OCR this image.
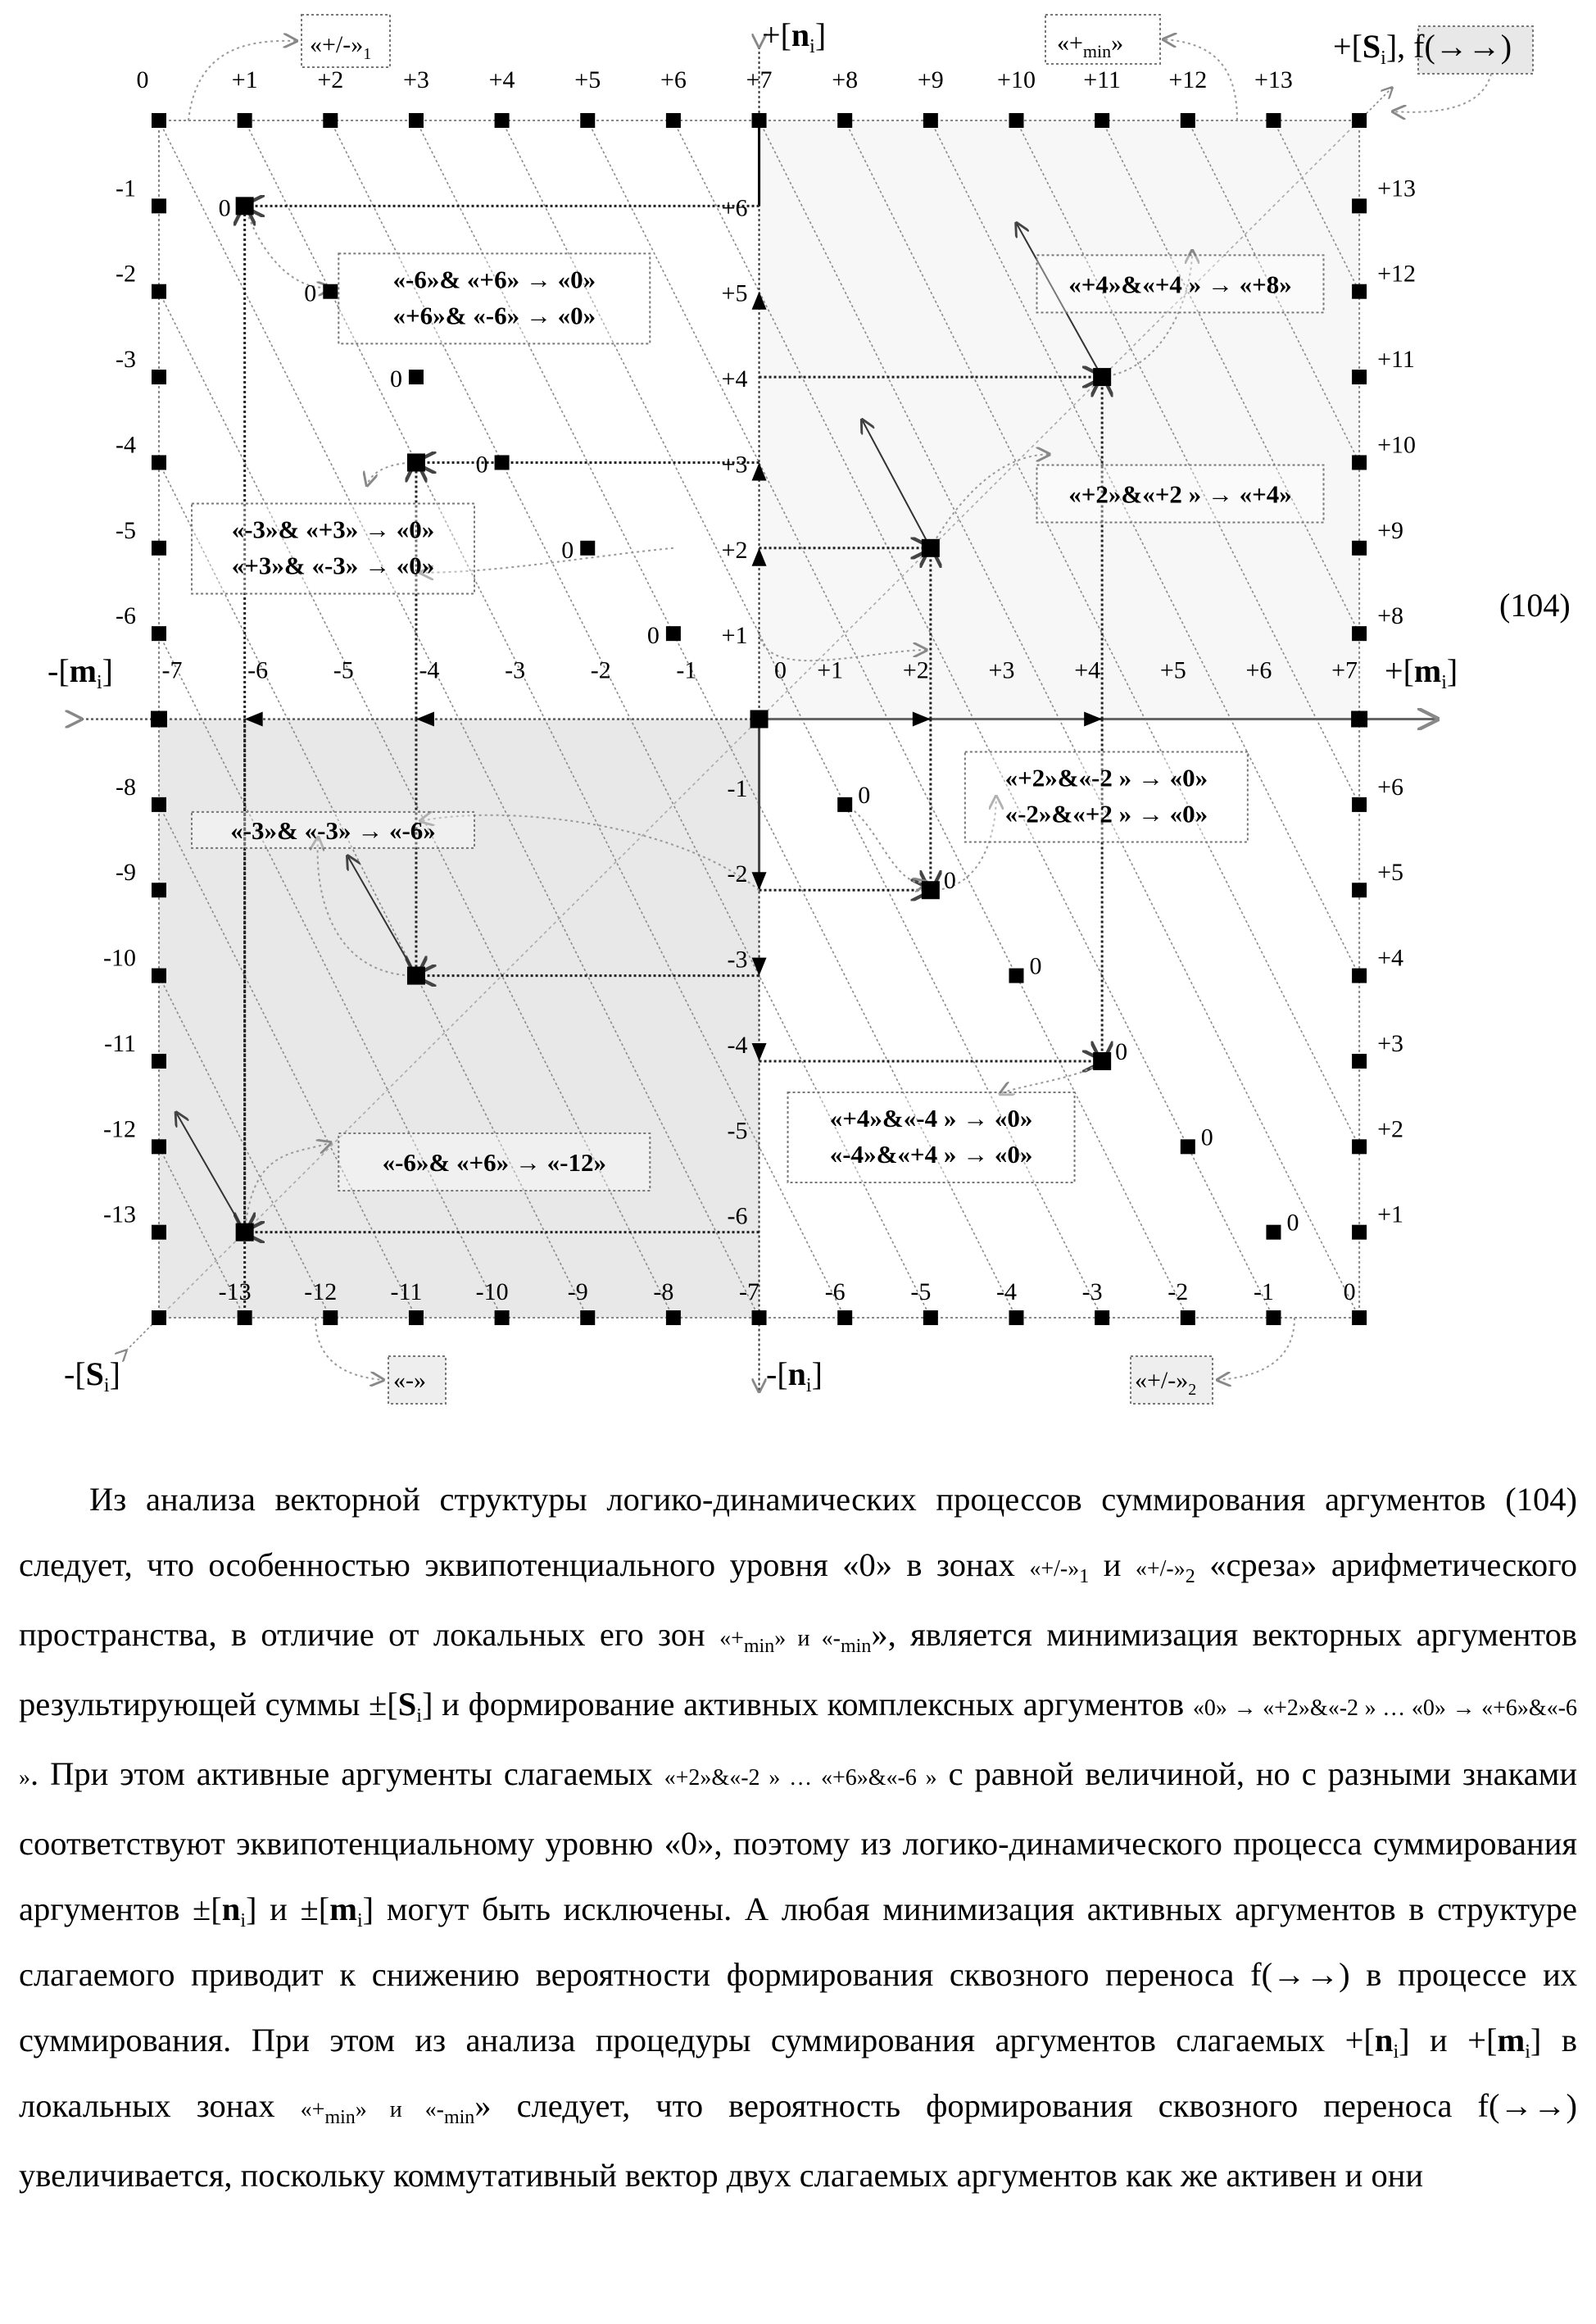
0
0
0
0
0
0
0
0
0
0
0
0
«-6»& «+6» → «0»
«+6»& «-6» → «0»
«-3»& «+3» → «0»
«+3»& «-3» → «0»
«+4»&«+4 » → «+8»
«+2»&«+2 » → «+4»
«+2»&«-2 » → «0»
«-2»&«+2 » → «0»
«-3»& «-3» → «-6»
«+4»&«-4 » → «0»
«-4»&«+4 » → «0»
«-6»& «+6» → «-12»
0	+1 +2 +3 +4 +5 +6 +7 +8 +9 +10 +11 +12 +13
-13 -12 -11 -10 -9	-8	-7	-6	-5	-4	-3	-2	-1	0
-1
-2
-3
-4
-5
-6
-8
-9
-10
-11
-12
-13
+13
+12
+11
+10
+9
+8
+6
+5
+4
+3
+2
+1
-7	-6	-5	-4	-3	-2	-1	0 +1 +2 +3 +4 +5 +6 +7
+1
+2
+3
+4
+5
+6
-1
-2
-3
-4
-5
-6
+[ni]
-[ni]
-[mi]	+[mi]
-[Si]
+[Si], f(→→)
«+/-»1	«+min»
«-»	«+/-»2
(104)

Из анализа векторной структуры логико-динамических процессов суммирования аргументов (104) следует, что особенностью эквипотенциального уровня «0» в зонах «+/-»1 и «+/-»2 «среза» арифметического пространства, в отличие от локальных его зон «+min» и «-min», является минимизация векторных аргументов результирующей суммы ±[Si] и формирование активных комплексных аргументов «0» → «+2»&«-2 » … «0» → «+6»&«-6 ». При этом активные аргументы слагаемых «+2»&«-2 » … «+6»&«-6 » с равной величиной, но с разными знаками соответствуют эквипотенциальному уровню «0», поэтому из логико-динамического процесса суммирования аргументов ±[ni] и ±[mi] могут быть исключены. А любая минимизация активных аргументов в структуре слагаемого приводит к снижению вероятности формирования сквозного переноса f(→→) в процессе их суммирования. При этом из анализа процедуры суммирования аргументов слагаемых +[ni] и +[mi] в локальных зонах «+min» и «-min» следует, что вероятность формирования сквозного переноса f(→→) увеличивается, поскольку коммутативный вектор двух слагаемых аргументов как же активен и они
